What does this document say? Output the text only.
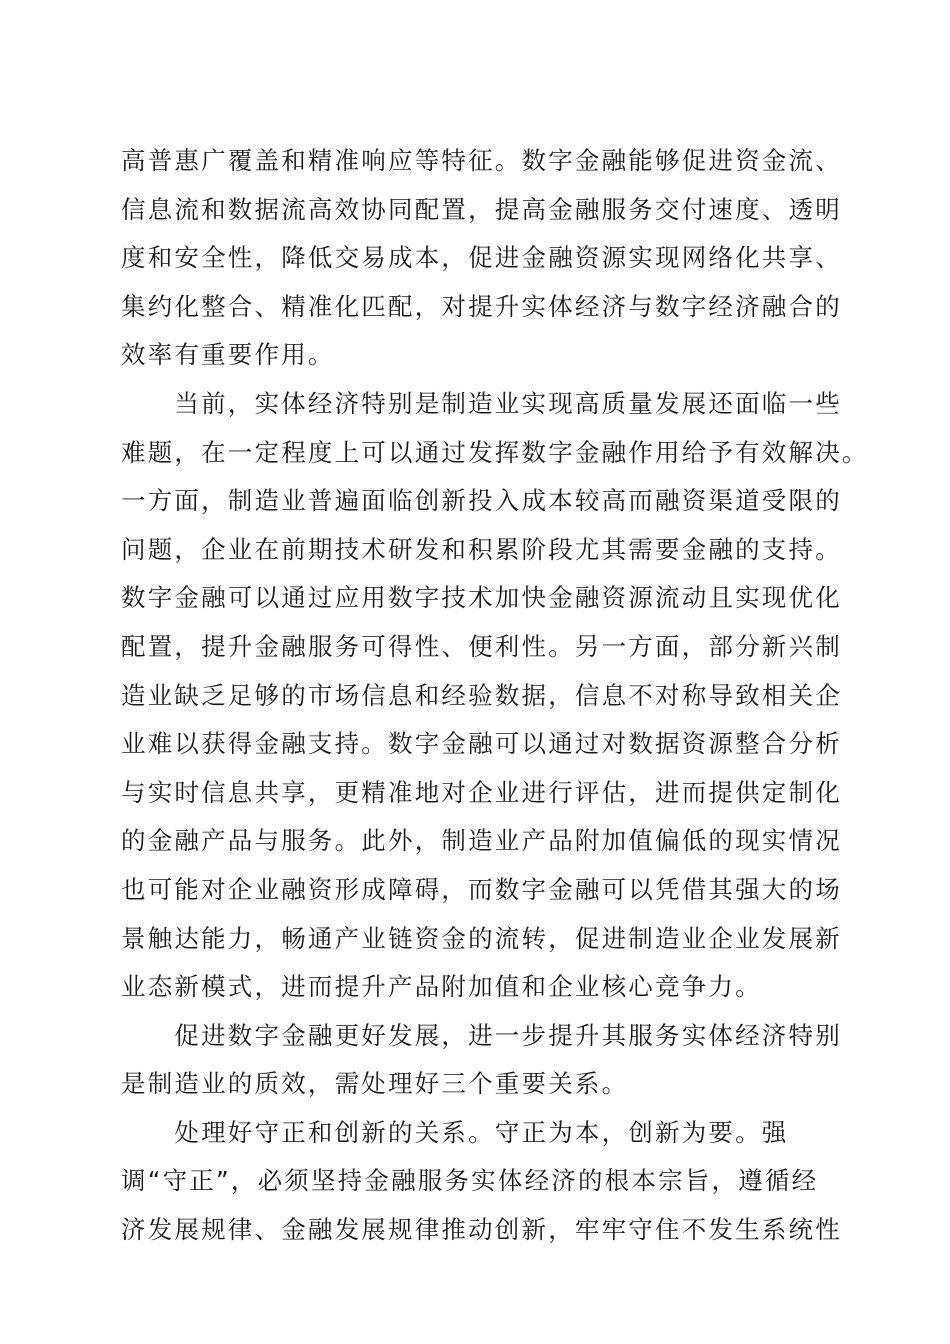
高普惠广覆盖和精准响应等特征。数字金融能够促进资金流、
信息流和数据流高效协同配置，提高金融服务交付速度、透明
度和安全性，降低交易成本，促进金融资源实现网络化共享、
集约化整合、精准化匹配，对提升实体经济与数字经济融合的
效率有重要作用。
　　当前，实体经济特别是制造业实现高质量发展还面临一些
难题，在一定程度上可以通过发挥数字金融作用给予有效解决。
一方面，制造业普遍面临创新投入成本较高而融资渠道受限的
问题，企业在前期技术研发和积累阶段尤其需要金融的支持。
数字金融可以通过应用数字技术加快金融资源流动且实现优化
配置，提升金融服务可得性、便利性。另一方面，部分新兴制
造业缺乏足够的市场信息和经验数据，信息不对称导致相关企
业难以获得金融支持。数字金融可以通过对数据资源整合分析
与实时信息共享，更精准地对企业进行评估，进而提供定制化
的金融产品与服务。此外，制造业产品附加值偏低的现实情况
也可能对企业融资形成障碍，而数字金融可以凭借其强大的场
景触达能力，畅通产业链资金的流转，促进制造业企业发展新
业态新模式，进而提升产品附加值和企业核心竞争力。
　　促进数字金融更好发展，进一步提升其服务实体经济特别
是制造业的质效，需处理好三个重要关系。
　　处理好守正和创新的关系。守正为本，创新为要。强
调“守正”，必须坚持金融服务实体经济的根本宗旨，遵循经
济发展规律、金融发展规律推动创新，牢牢守住不发生系统性
